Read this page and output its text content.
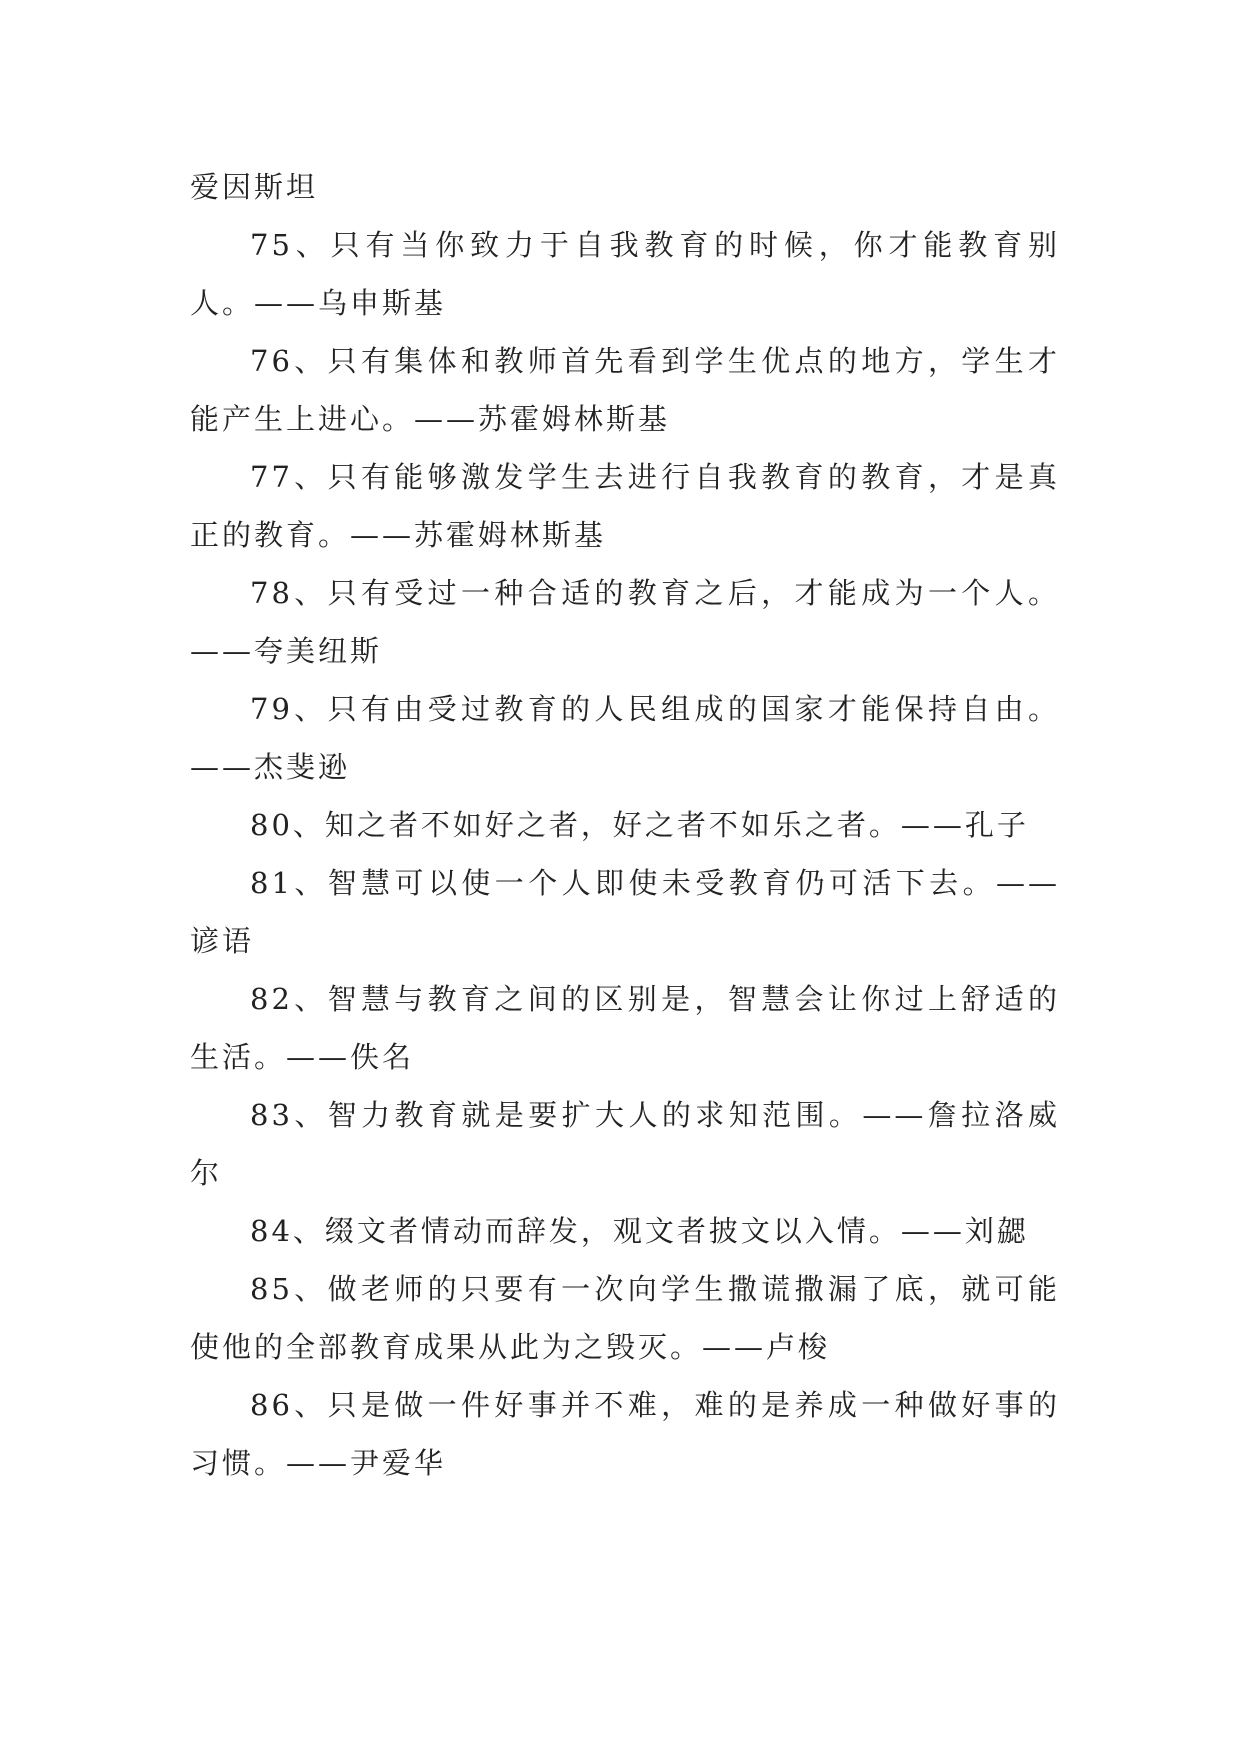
爱因斯坦

75、只有当你致力于自我教育的时候，你才能教育别人。——乌申斯基

76、只有集体和教师首先看到学生优点的地方，学生才能产生上进心。——苏霍姆林斯基

77、只有能够激发学生去进行自我教育的教育，才是真正的教育。——苏霍姆林斯基

78、只有受过一种合适的教育之后，才能成为一个人。——夸美纽斯

79、只有由受过教育的人民组成的国家才能保持自由。——杰斐逊

80、知之者不如好之者，好之者不如乐之者。——孔子

81、智慧可以使一个人即使未受教育仍可活下去。——谚语

82、智慧与教育之间的区别是，智慧会让你过上舒适的生活。——佚名

83、智力教育就是要扩大人的求知范围。——詹拉洛威尔

84、缀文者情动而辞发，观文者披文以入情。——刘勰

85、做老师的只要有一次向学生撒谎撒漏了底，就可能使他的全部教育成果从此为之毁灭。——卢梭

86、只是做一件好事并不难，难的是养成一种做好事的习惯。——尹爱华
